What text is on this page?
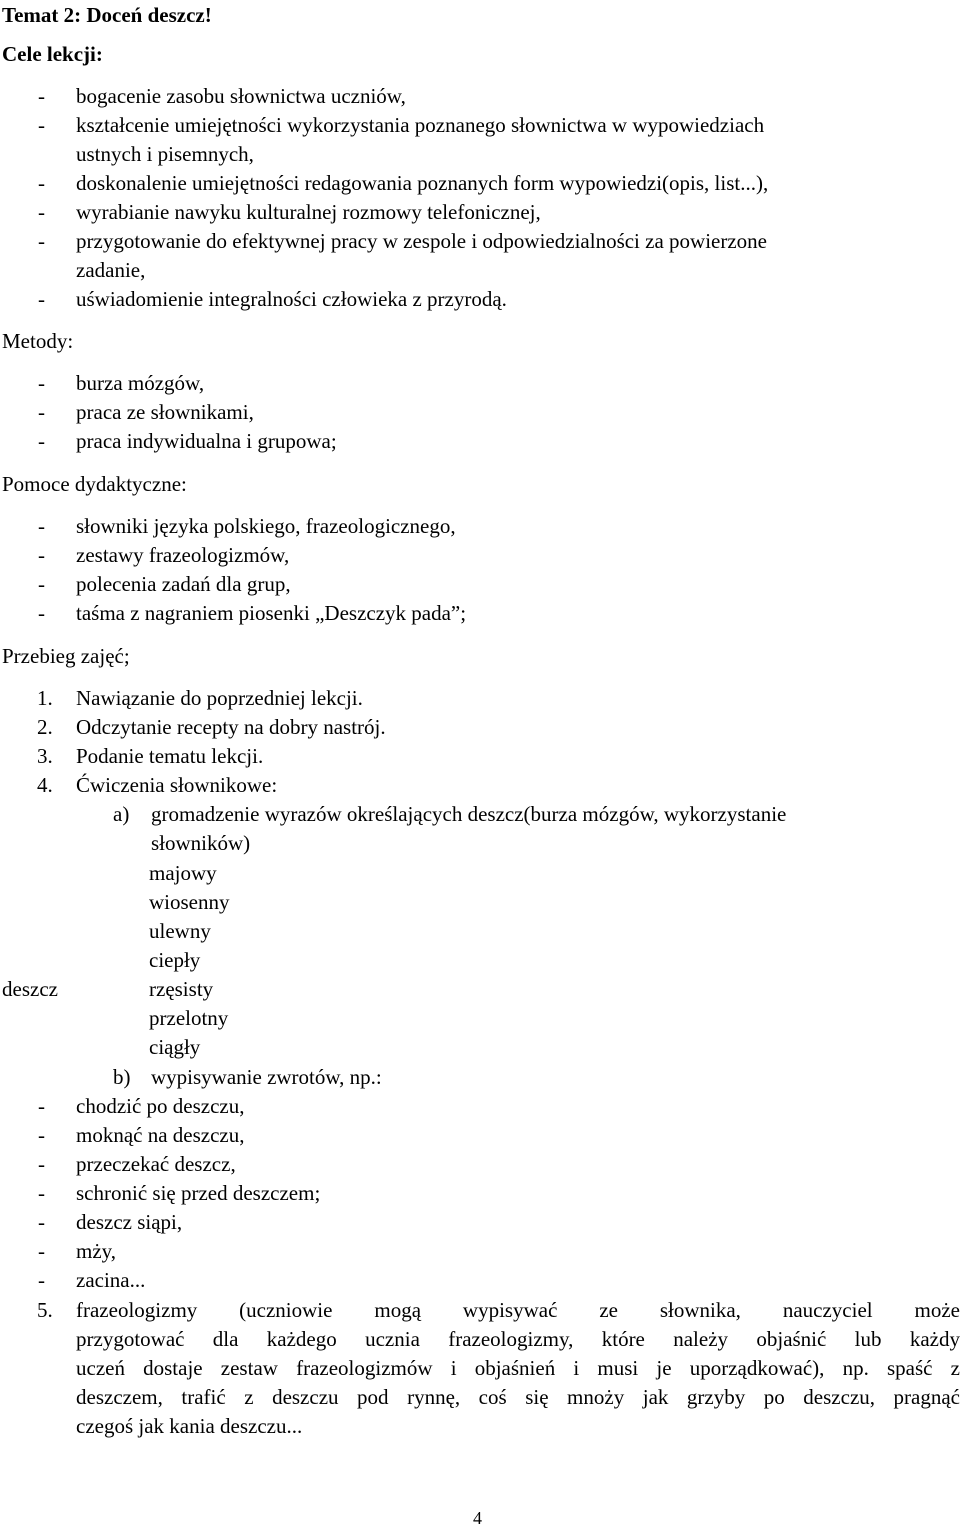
Temat 2: Doceń deszcz!
Cele lekcji:
- bogacenie zasobu słownictwa uczniów,
- kształcenie umiejętności wykorzystania poznanego słownictwa w wypowiedziach
ustnych i pisemnych,
- doskonalenie umiejętności redagowania poznanych form wypowiedzi(opis, list...),
- wyrabianie nawyku kulturalnej rozmowy telefonicznej,
- przygotowanie do efektywnej pracy w zespole i odpowiedzialności za powierzone
zadanie,
- uświadomienie integralności człowieka z przyrodą.
Metody:
- burza mózgów,
- praca ze słownikami,
- praca indywidualna i grupowa;
Pomoce dydaktyczne:
- słowniki języka polskiego, frazeologicznego,
- zestawy frazeologizmów,
- polecenia zadań dla grup,
- taśma z nagraniem piosenki „Deszczyk pada”;
Przebieg zajęć;
1. Nawiązanie do poprzedniej lekcji.
2. Odczytanie recepty na dobry nastrój.
3. Podanie tematu lekcji.
4. Ćwiczenia słownikowe:
a) gromadzenie wyrazów określających deszcz(burza mózgów, wykorzystanie
słowników)
majowy
wiosenny
ulewny
ciepły
deszcz	rzęsisty
przelotny
ciągły
b) wypisywanie zwrotów, np.:
- chodzić po deszczu,
- moknąć na deszczu,
- przeczekać deszcz,
- schronić się przed deszczem;
- deszcz siąpi,
- mży,
- zacina...
5. frazeologizmy (uczniowie mogą wypisywać ze słownika, nauczyciel może
przygotować dla każdego ucznia frazeologizmy, które należy objaśnić lub każdy
uczeń dostaje zestaw frazeologizmów i objaśnień i musi je uporządkować), np. spaść z
deszczem, trafić z deszczu pod rynnę, coś się mnoży jak grzyby po deszczu, pragnąć
czegoś jak kania deszczu...
4
